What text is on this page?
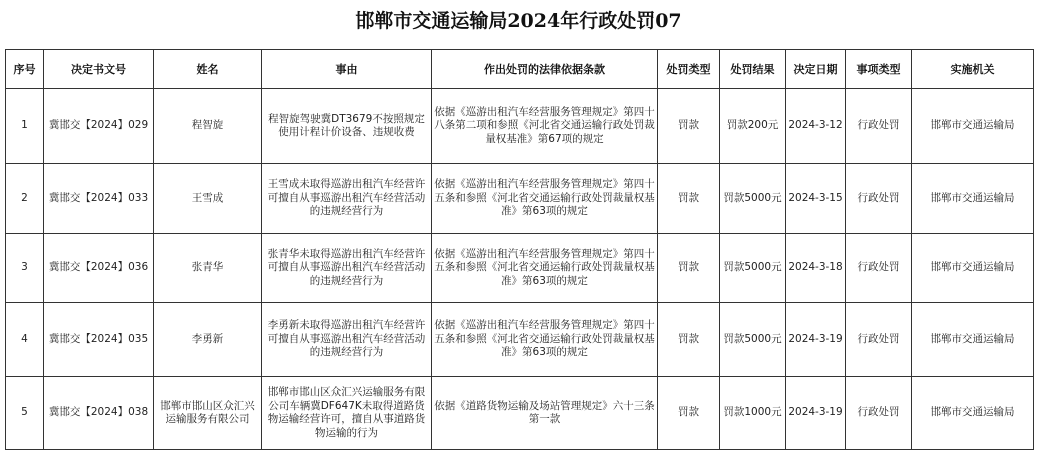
邯郸市交通运输局2024年行政处罚07
序号	决定书文号	姓名	事由	作出处罚的法律依据条款	处罚类型	处罚结果	决定日期	事项类型	实施机关
1	冀邯交【2024】029	程智旋	程智旋驾驶冀DT3679不按照规定使用计程计价设备、违规收费	依据《巡游出租汽车经营服务管理规定》第四十八条第二项和参照《河北省交通运输行政处罚裁量权基准》第67项的规定	罚款	罚款200元	2024-3-12	行政处罚	邯郸市交通运输局
2	冀邯交【2024】033	王雪成	王雪成未取得巡游出租汽车经营许可擅自从事巡游出租汽车经营活动的违规经营行为	依据《巡游出租汽车经营服务管理规定》第四十五条和参照《河北省交通运输行政处罚裁量权基准》第63项的规定	罚款	罚款5000元	2024-3-15	行政处罚	邯郸市交通运输局
3	冀邯交【2024】036	张青华	张青华未取得巡游出租汽车经营许可擅自从事巡游出租汽车经营活动的违规经营行为	依据《巡游出租汽车经营服务管理规定》第四十五条和参照《河北省交通运输行政处罚裁量权基准》第63项的规定	罚款	罚款5000元	2024-3-18	行政处罚	邯郸市交通运输局
4	冀邯交【2024】035	李勇新	李勇新未取得巡游出租汽车经营许可擅自从事巡游出租汽车经营活动的违规经营行为	依据《巡游出租汽车经营服务管理规定》第四十五条和参照《河北省交通运输行政处罚裁量权基准》第63项的规定	罚款	罚款5000元	2024-3-19	行政处罚	邯郸市交通运输局
5	冀邯交【2024】038	邯郸市邯山区众汇兴运输服务有限公司	邯郸市邯山区众汇兴运输服务有限公司车辆冀DF647K未取得道路货物运输经营许可，擅自从事道路货物运输的行为	依据《道路货物运输及场站管理规定》六十三条第一款	罚款	罚款1000元	2024-3-19	行政处罚	邯郸市交通运输局
